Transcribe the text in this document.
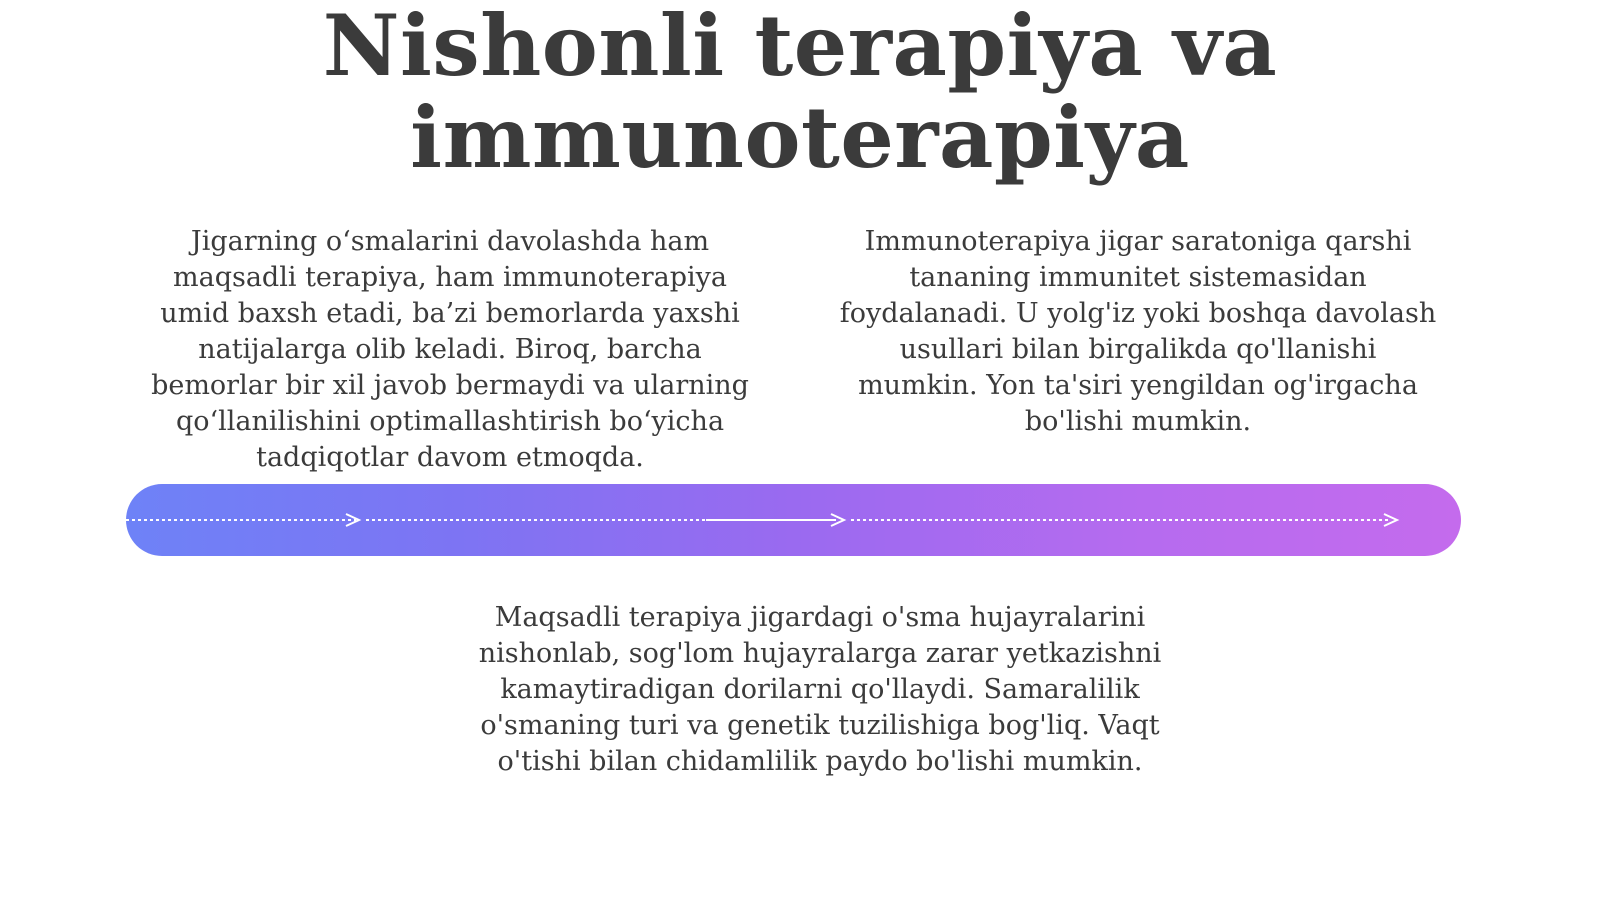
Nishonli terapiya va immunoterapiya

Jigarning o‘smalarini davolashda ham maqsadli terapiya, ham immunoterapiya umid baxsh etadi, ba’zi bemorlarda yaxshi natijalarga olib keladi. Biroq, barcha bemorlar bir xil javob bermaydi va ularning qo‘llanilishini optimallashtirish bo‘yicha tadqiqotlar davom etmoqda.

Immunoterapiya jigar saratoniga qarshi tananing immunitet sistemasidan foydalanadi. U yolg'iz yoki boshqa davolash usullari bilan birgalikda qo'llanishi mumkin. Yon ta'siri yengildan og'irgacha bo'lishi mumkin.

Maqsadli terapiya jigardagi o'sma hujayralarini nishonlab, sog'lom hujayralarga zarar yetkazishni kamaytiradigan dorilarni qo'llaydi. Samaralilik o'smaning turi va genetik tuzilishiga bog'liq. Vaqt o'tishi bilan chidamlilik paydo bo'lishi mumkin.
